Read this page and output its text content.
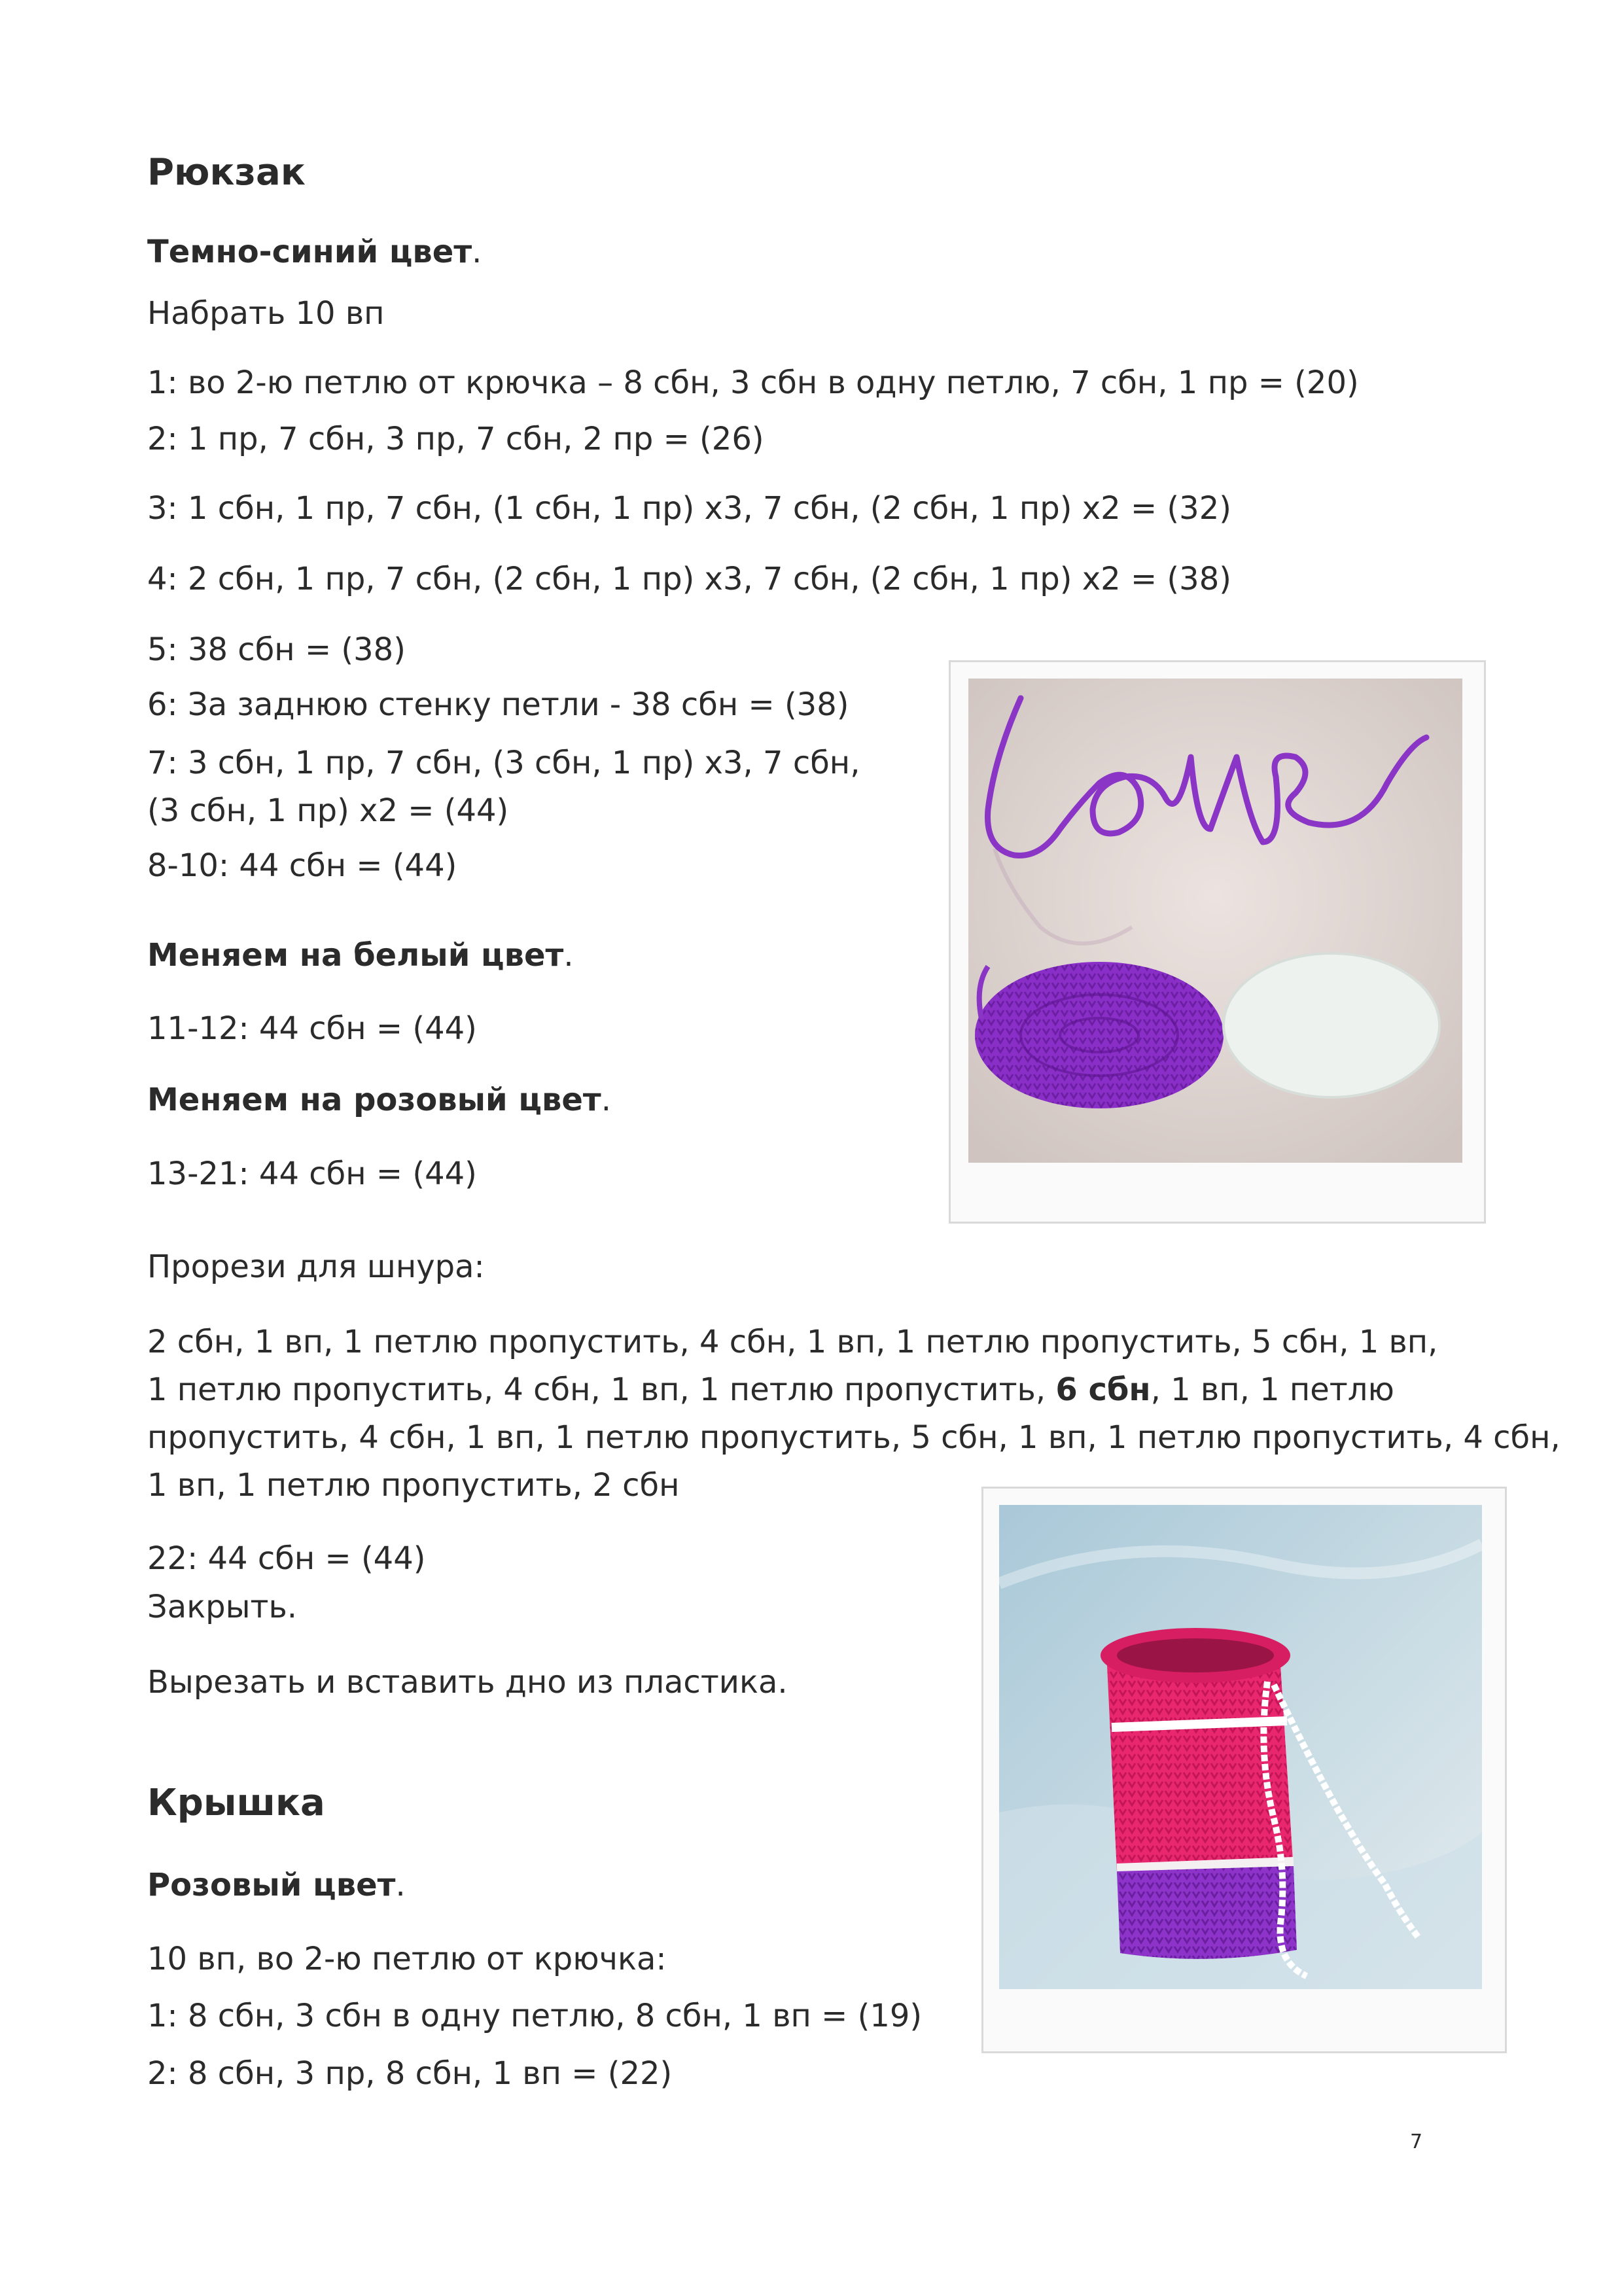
Рюкзак
Темно-синий цвет.
Набрать 10 вп
1: во 2-ю петлю от крючка – 8 сбн, 3 сбн в одну петлю, 7 сбн, 1 пр = (20)
2: 1 пр, 7 сбн, 3 пр, 7 сбн, 2 пр = (26)
3: 1 сбн, 1 пр, 7 сбн, (1 сбн, 1 пр) x3, 7 сбн, (2 сбн, 1 пр) x2 = (32)
4: 2 сбн, 1 пр, 7 сбн, (2 сбн, 1 пр) x3, 7 сбн, (2 сбн, 1 пр) x2 = (38)
5: 38 сбн = (38)
6: За заднюю стенку петли - 38 сбн = (38)
7: 3 сбн, 1 пр, 7 сбн, (3 сбн, 1 пр) x3, 7 сбн,
(3 сбн, 1 пр) x2 = (44)
8-10: 44 сбн = (44)
Меняем на белый цвет.
11-12: 44 сбн = (44)
Меняем на розовый цвет.
13-21: 44 сбн = (44)
Прорези для шнура:
2 сбн, 1 вп, 1 петлю пропустить, 4 сбн, 1 вп, 1 петлю пропустить, 5 сбн, 1 вп,
1 петлю пропустить, 4 сбн, 1 вп, 1 петлю пропустить, 6 сбн, 1 вп, 1 петлю
пропустить, 4 сбн, 1 вп, 1 петлю пропустить, 5 сбн, 1 вп, 1 петлю пропустить, 4 сбн,
1 вп, 1 петлю пропустить, 2 сбн
22: 44 сбн = (44)
Закрыть.
Вырезать и вставить дно из пластика.
Крышка
Розовый цвет.
10 вп, во 2-ю петлю от крючка:
1: 8 сбн, 3 сбн в одну петлю, 8 сбн, 1 вп = (19)
2: 8 сбн, 3 пр, 8 сбн, 1 вп = (22)
7
